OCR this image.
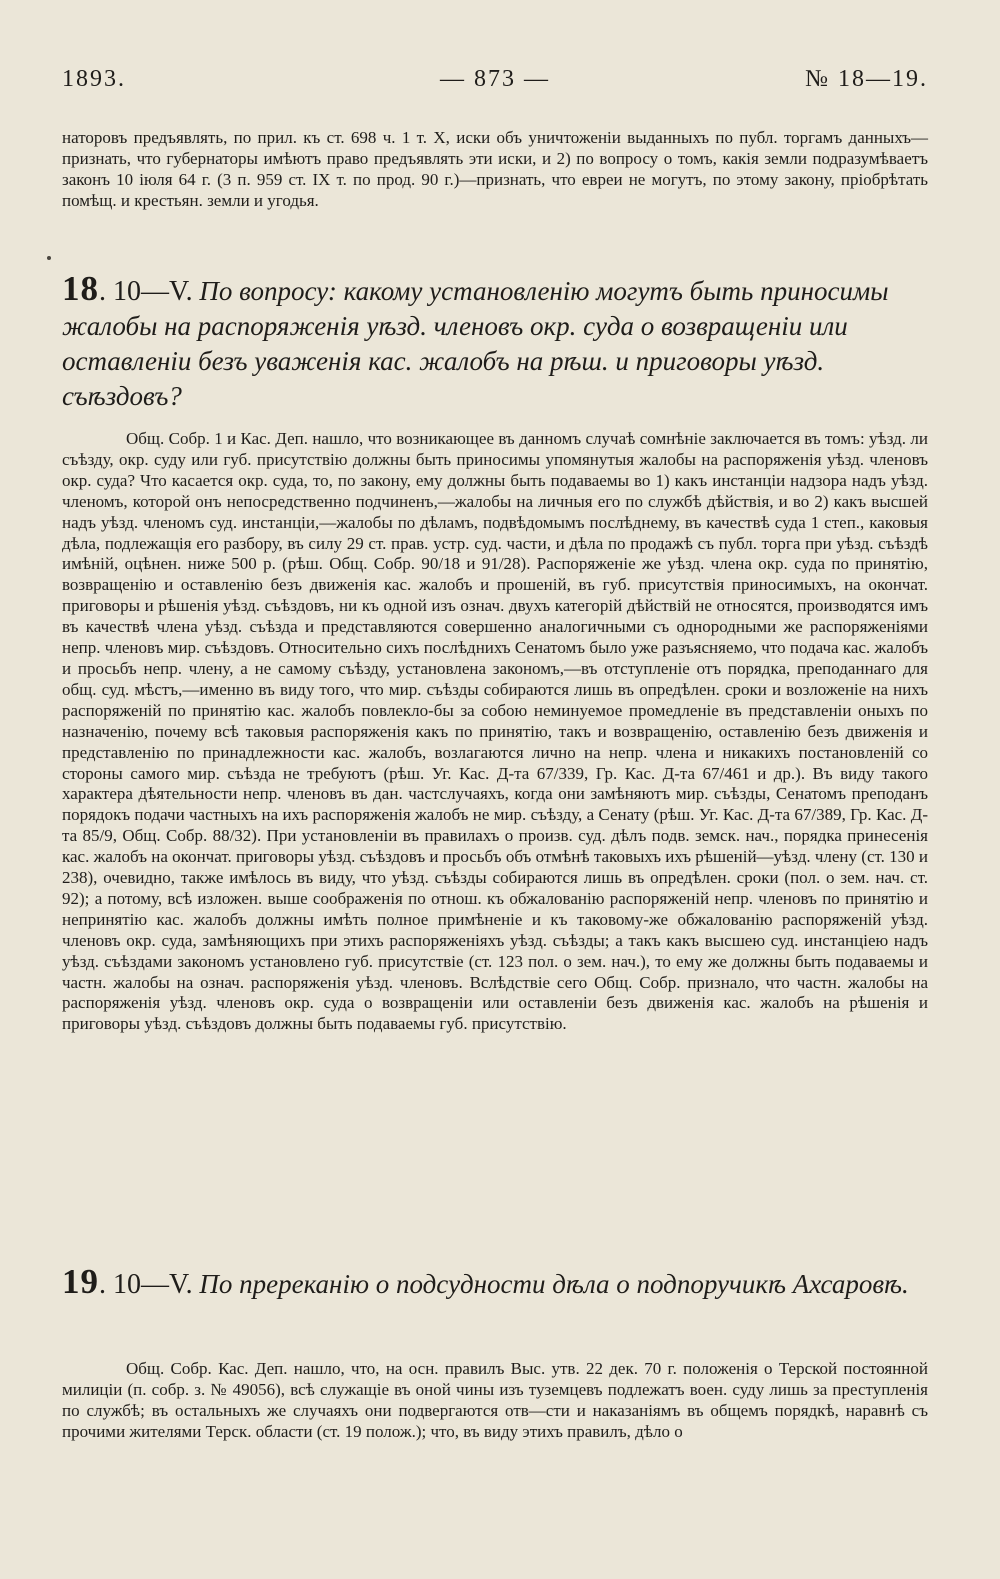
1893.	— 873 —	№ 18—19.
наторовъ предъявлять, по прил. къ ст. 698 ч. 1 т. X, иски объ уничтоженіи выданныхъ по публ. торгамъ данныхъ—признать, что губернаторы имѣютъ право предъявлять эти иски, и 2) по вопросу о томъ, какія земли подразумѣваетъ законъ 10 іюля 64 г. (3 п. 959 ст. IX т. по прод. 90 г.)—признать, что евреи не могутъ, по этому закону, пріобрѣтать помѣщ. и крестьян. земли и угодья.
18. 10—V. По вопросу: какому установленію могутъ быть приносимы жалобы на распоряженія уѣзд. членовъ окр. суда о возвращеніи или оставленіи безъ уваженія кас. жалобъ на рѣш. и приговоры уѣзд. съѣздовъ?
Общ. Собр. 1 и Кас. Деп. нашло, что возникающее въ данномъ случаѣ сомнѣніе заключается въ томъ: уѣзд. ли съѣзду, окр. суду или губ. присутствію должны быть приносимы упомянутыя жалобы на распоряженія уѣзд. членовъ окр. суда? Что касается окр. суда, то, по закону, ему должны быть подаваемы во 1) какъ инстанціи надзора надъ уѣзд. членомъ, которой онъ непосредственно подчиненъ,—жалобы на личныя его по службѣ дѣйствія, и во 2) какъ высшей надъ уѣзд. членомъ суд. инстанціи,—жалобы по дѣламъ, подвѣдомымъ послѣднему, въ качествѣ суда 1 степ., каковыя дѣла, подлежащія его разбору, въ силу 29 ст. прав. устр. суд. части, и дѣла по продажѣ съ публ. торга при уѣзд. съѣздѣ имѣній, оцѣнен. ниже 500 р. (рѣш. Общ. Собр. 90/18 и 91/28). Распоряженіе же уѣзд. члена окр. суда по принятію, возвращенію и оставленію безъ движенія кас. жалобъ и прошеній, въ губ. присутствія приносимыхъ, на окончат. приговоры и рѣшенія уѣзд. съѣздовъ, ни къ одной изъ означ. двухъ категорій дѣйствій не относятся, производятся имъ въ качествѣ члена уѣзд. съѣзда и представляются совершенно аналогичными съ однородными же распоряженіями непр. членовъ мир. съѣздовъ. Относительно сихъ послѣднихъ Сенатомъ было уже разъясняемо, что подача кас. жалобъ и просьбъ непр. члену, а не самому съѣзду, установлена закономъ,—въ отступленіе отъ порядка, преподаннаго для общ. суд. мѣстъ,—именно въ виду того, что мир. съѣзды собираются лишь въ опредѣлен. сроки и возложеніе на нихъ распоряженій по принятію кас. жалобъ повлекло-бы за собою неминуемое промедленіе въ представленіи оныхъ по назначенію, почему всѣ таковыя распоряженія какъ по принятію, такъ и возвращенію, оставленію безъ движенія и представленію по принадлежности кас. жалобъ, возлагаются лично на непр. члена и никакихъ постановленій со стороны самого мир. съѣзда не требуютъ (рѣш. Уг. Кас. Д-та 67/339, Гр. Кас. Д-та 67/461 и др.). Въ виду такого характера дѣятельности непр. членовъ въ дан. частслучаяхъ, когда они замѣняютъ мир. съѣзды, Сенатомъ преподанъ порядокъ подачи частныхъ на ихъ распоряженія жалобъ не мир. съѣзду, а Сенату (рѣш. Уг. Кас. Д-та 67/389, Гр. Кас. Д-та 85/9, Общ. Собр. 88/32). При установленіи въ правилахъ о произв. суд. дѣлъ подв. земск. нач., порядка принесенія кас. жалобъ на окончат. приговоры уѣзд. съѣздовъ и просьбъ объ отмѣнѣ таковыхъ ихъ рѣшеній—уѣзд. члену (ст. 130 и 238), очевидно, также имѣлось въ виду, что уѣзд. съѣзды собираются лишь въ опредѣлен. сроки (пол. о зем. нач. ст. 92); а потому, всѣ изложен. выше соображенія по отнош. къ обжалованію распоряженій непр. членовъ по принятію и непринятію кас. жалобъ должны имѣть полное примѣненіе и къ таковому-же обжалованію распоряженій уѣзд. членовъ окр. суда, замѣняющихъ при этихъ распоряженіяхъ уѣзд. съѣзды; а такъ какъ высшею суд. инстанціею надъ уѣзд. съѣздами закономъ установлено губ. присутствіе (ст. 123 пол. о зем. нач.), то ему же должны быть подаваемы и частн. жалобы на означ. распоряженія уѣзд. членовъ. Вслѣдствіе сего Общ. Собр. признало, что частн. жалобы на распоряженія уѣзд. членовъ окр. суда о возвращеніи или оставленіи безъ движенія кас. жалобъ на рѣшенія и приговоры уѣзд. съѣздовъ должны быть подаваемы губ. присутствію.
19. 10—V. По пререканію о подсудности дѣла о подпоручикѣ Ахсаровѣ.
Общ. Собр. Кас. Деп. нашло, что, на осн. правилъ Выс. утв. 22 дек. 70 г. положенія о Терской постоянной милиціи (п. собр. з. № 49056), всѣ служащіе въ оной чины изъ туземцевъ подлежатъ воен. суду лишь за преступленія по службѣ; въ остальныхъ же случаяхъ они подвергаются отв—сти и наказаніямъ въ общемъ порядкѣ, наравнѣ съ прочими жителями Терск. области (ст. 19 полож.); что, въ виду этихъ правилъ, дѣло о
